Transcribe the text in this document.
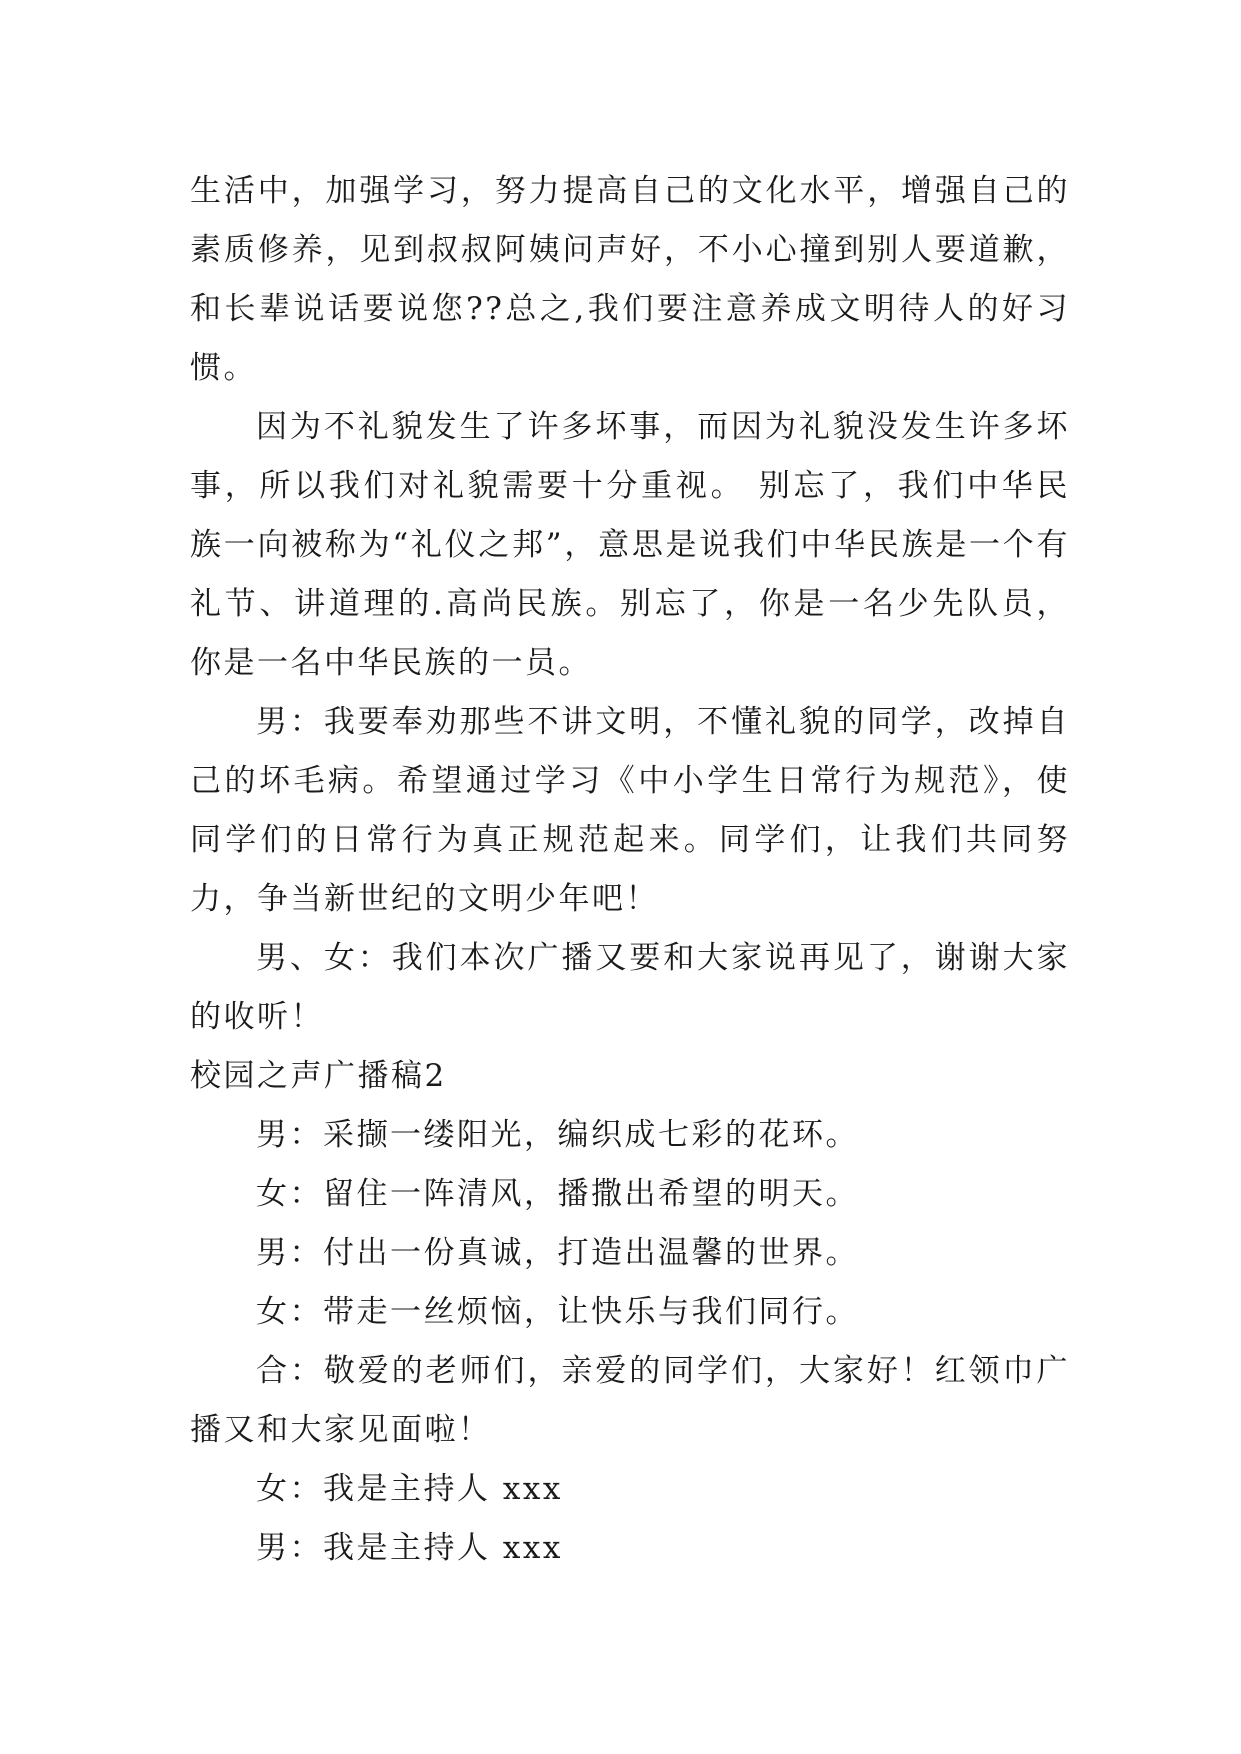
生活中，加强学习，努力提高自己的文化水平，增强自己的素质修养，见到叔叔阿姨问声好，不小心撞到别人要道歉，和长辈说话要说您??总之,我们要注意养成文明待人的好习惯。

因为不礼貌发生了许多坏事，而因为礼貌没发生许多坏事，所以我们对礼貌需要十分重视。 别忘了，我们中华民族一向被称为“礼仪之邦”，意思是说我们中华民族是一个有礼节、讲道理的.高尚民族。别忘了，你是一名少先队员，你是一名中华民族的一员。

男：我要奉劝那些不讲文明，不懂礼貌的同学，改掉自己的坏毛病。希望通过学习《中小学生日常行为规范》，使同学们的日常行为真正规范起来。同学们，让我们共同努力，争当新世纪的文明少年吧！

男、女：我们本次广播又要和大家说再见了，谢谢大家的收听！

校园之声广播稿2

男：采撷一缕阳光，编织成七彩的花环。

女：留住一阵清风，播撒出希望的明天。

男：付出一份真诚，打造出温馨的世界。

女：带走一丝烦恼，让快乐与我们同行。

合：敬爱的老师们，亲爱的同学们，大家好！红领巾广播又和大家见面啦！

女：我是主持人 xxx

男：我是主持人 xxx
